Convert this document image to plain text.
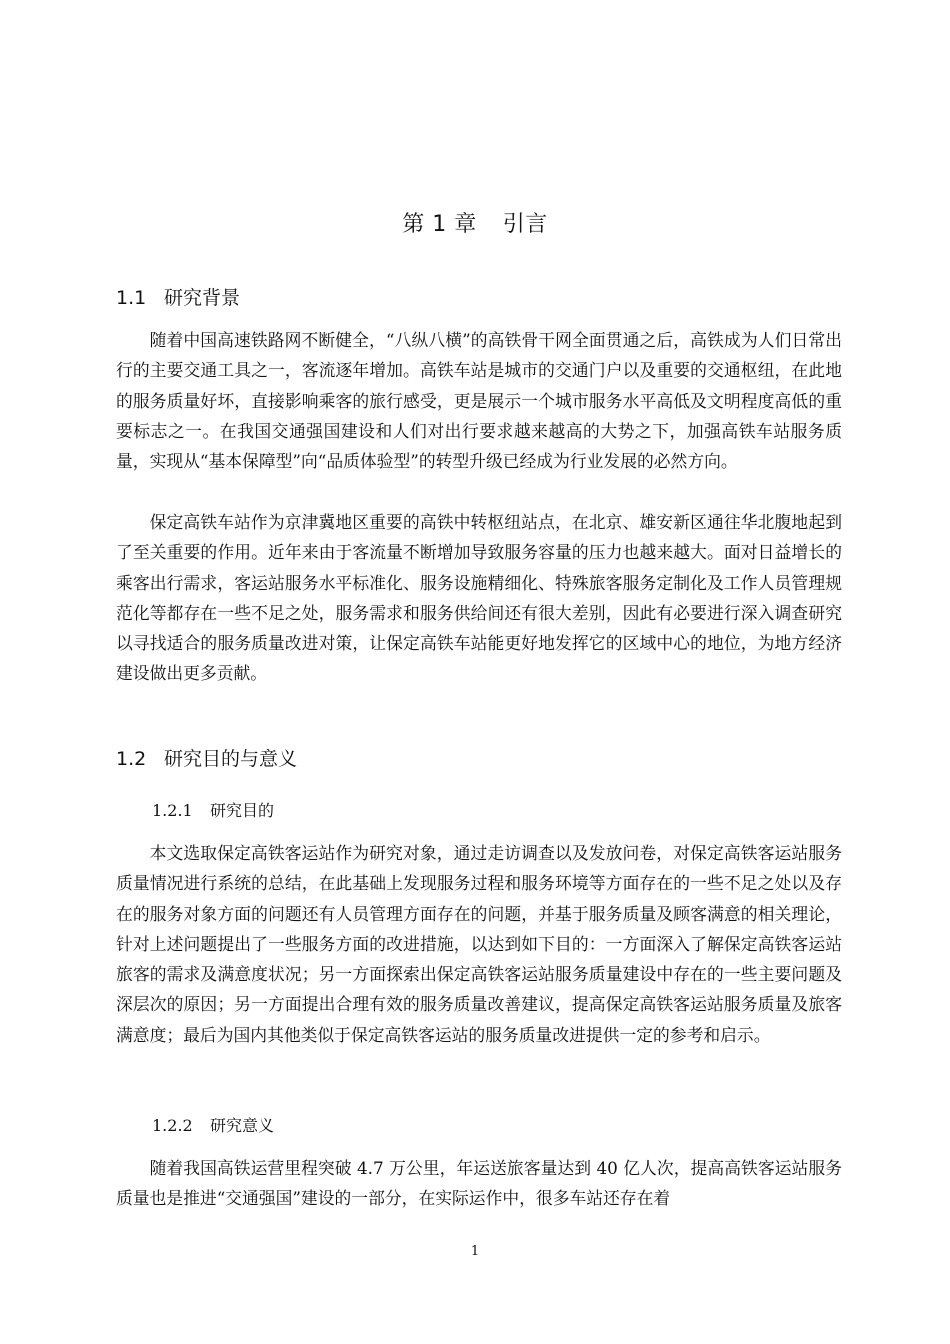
第 1 章 引言
1.1 研究背景

随着中国高速铁路网不断健全，“八纵八横”的高铁骨干网全面贯通之后，高铁成为人们日常出行的主要交通工具之一，客流逐年增加。高铁车站是城市的交通门户以及重要的交通枢纽，在此地的服务质量好坏，直接影响乘客的旅行感受，更是展示一个城市服务水平高低及文明程度高低的重要标志之一。在我国交通强国建设和人们对出行要求越来越高的大势之下，加强高铁车站服务质量，实现从“基本保障型”向“品质体验型”的转型升级已经成为行业发展的必然方向。

保定高铁车站作为京津冀地区重要的高铁中转枢纽站点，在北京、雄安新区通往华北腹地起到了至关重要的作用。近年来由于客流量不断增加导致服务容量的压力也越来越大。面对日益增长的乘客出行需求，客运站服务水平标准化、服务设施精细化、特殊旅客服务定制化及工作人员管理规范化等都存在一些不足之处，服务需求和服务供给间还有很大差别，因此有必要进行深入调查研究以寻找适合的服务质量改进对策，让保定高铁车站能更好地发挥它的区域中心的地位，为地方经济建设做出更多贡献。

1.2 研究目的与意义
1.2.1 研究目的

本文选取保定高铁客运站作为研究对象，通过走访调查以及发放问卷，对保定高铁客运站服务质量情况进行系统的总结，在此基础上发现服务过程和服务环境等方面存在的一些不足之处以及存在的服务对象方面的问题还有人员管理方面存在的问题，并基于服务质量及顾客满意的相关理论，针对上述问题提出了一些服务方面的改进措施，以达到如下目的：一方面深入了解保定高铁客运站旅客的需求及满意度状况；另一方面探索出保定高铁客运站服务质量建设中存在的一些主要问题及深层次的原因；另一方面提出合理有效的服务质量改善建议，提高保定高铁客运站服务质量及旅客满意度；最后为国内其他类似于保定高铁客运站的服务质量改进提供一定的参考和启示。

1.2.2 研究意义

随着我国高铁运营里程突破 4.7 万公里，年运送旅客量达到 40 亿人次，提高高铁客运站服务质量也是推进“交通强国”建设的一部分，在实际运作中，很多车站还存在着

1
